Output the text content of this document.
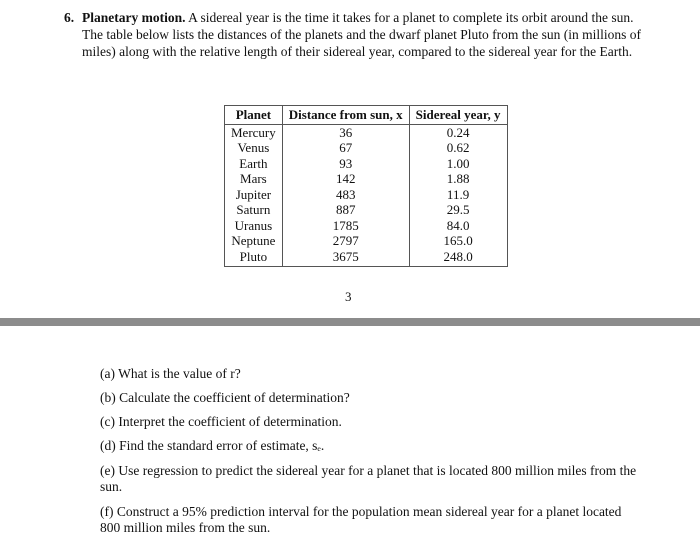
6. Planetary motion. A sidereal year is the time it takes for a planet to complete its orbit around the sun. The table below lists the distances of the planets and the dwarf planet Pluto from the sun (in millions of miles) along with the relative length of their sidereal year, compared to the sidereal year for the Earth.
Planet	Distance from sun, x	Sidereal year, y
Mercury	36	0.24
Venus	67	0.62
Earth	93	1.00
Mars	142	1.88
Jupiter	483	11.9
Saturn	887	29.5
Uranus	1785	84.0
Neptune	2797	165.0
Pluto	3675	248.0
3
(a) What is the value of r?
(b) Calculate the coefficient of determination?
(c) Interpret the coefficient of determination.
(d) Find the standard error of estimate, sₑ.
(e) Use regression to predict the sidereal year for a planet that is located 800 million miles from the sun.
(f) Construct a 95% prediction interval for the population mean sidereal year for a planet located 800 million miles from the sun.
